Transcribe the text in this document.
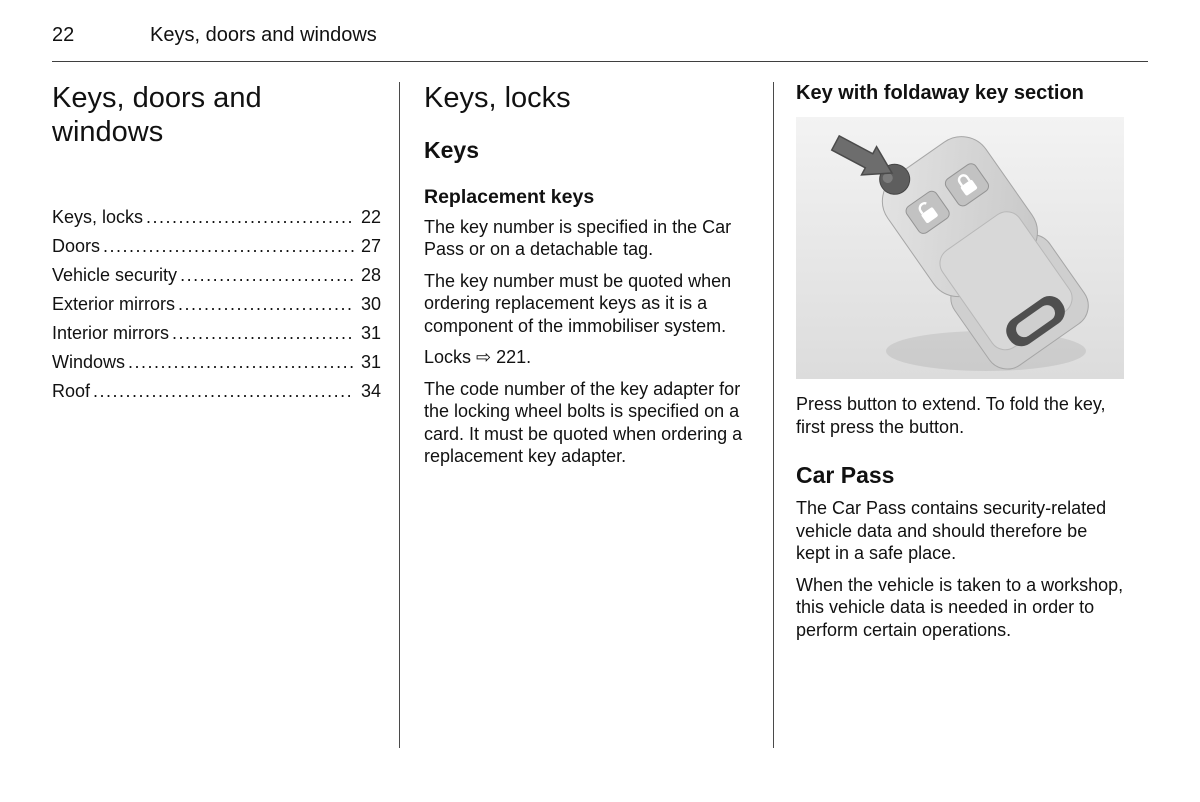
22	Keys, doors and windows
Keys, doors and
windows
Keys, locks .....	22
Doors .....	27
Vehicle security .....	28
Exterior mirrors .....	30
Interior mirrors .....	31
Windows .....	31
Roof .....	34
Keys, locks
Keys
Replacement keys

The key number is specified in the Car Pass or on a detachable tag.

The key number must be quoted when ordering replacement keys as it is a component of the immobiliser system.

Locks ⇨ 221.

The code number of the key adapter for the locking wheel bolts is specified on a card. It must be quoted when ordering a replacement key adapter.

Key with foldaway key section

Press button to extend. To fold the key, first press the button.

Car Pass

The Car Pass contains security-related vehicle data and should therefore be kept in a safe place.

When the vehicle is taken to a workshop, this vehicle data is needed in order to perform certain operations.
